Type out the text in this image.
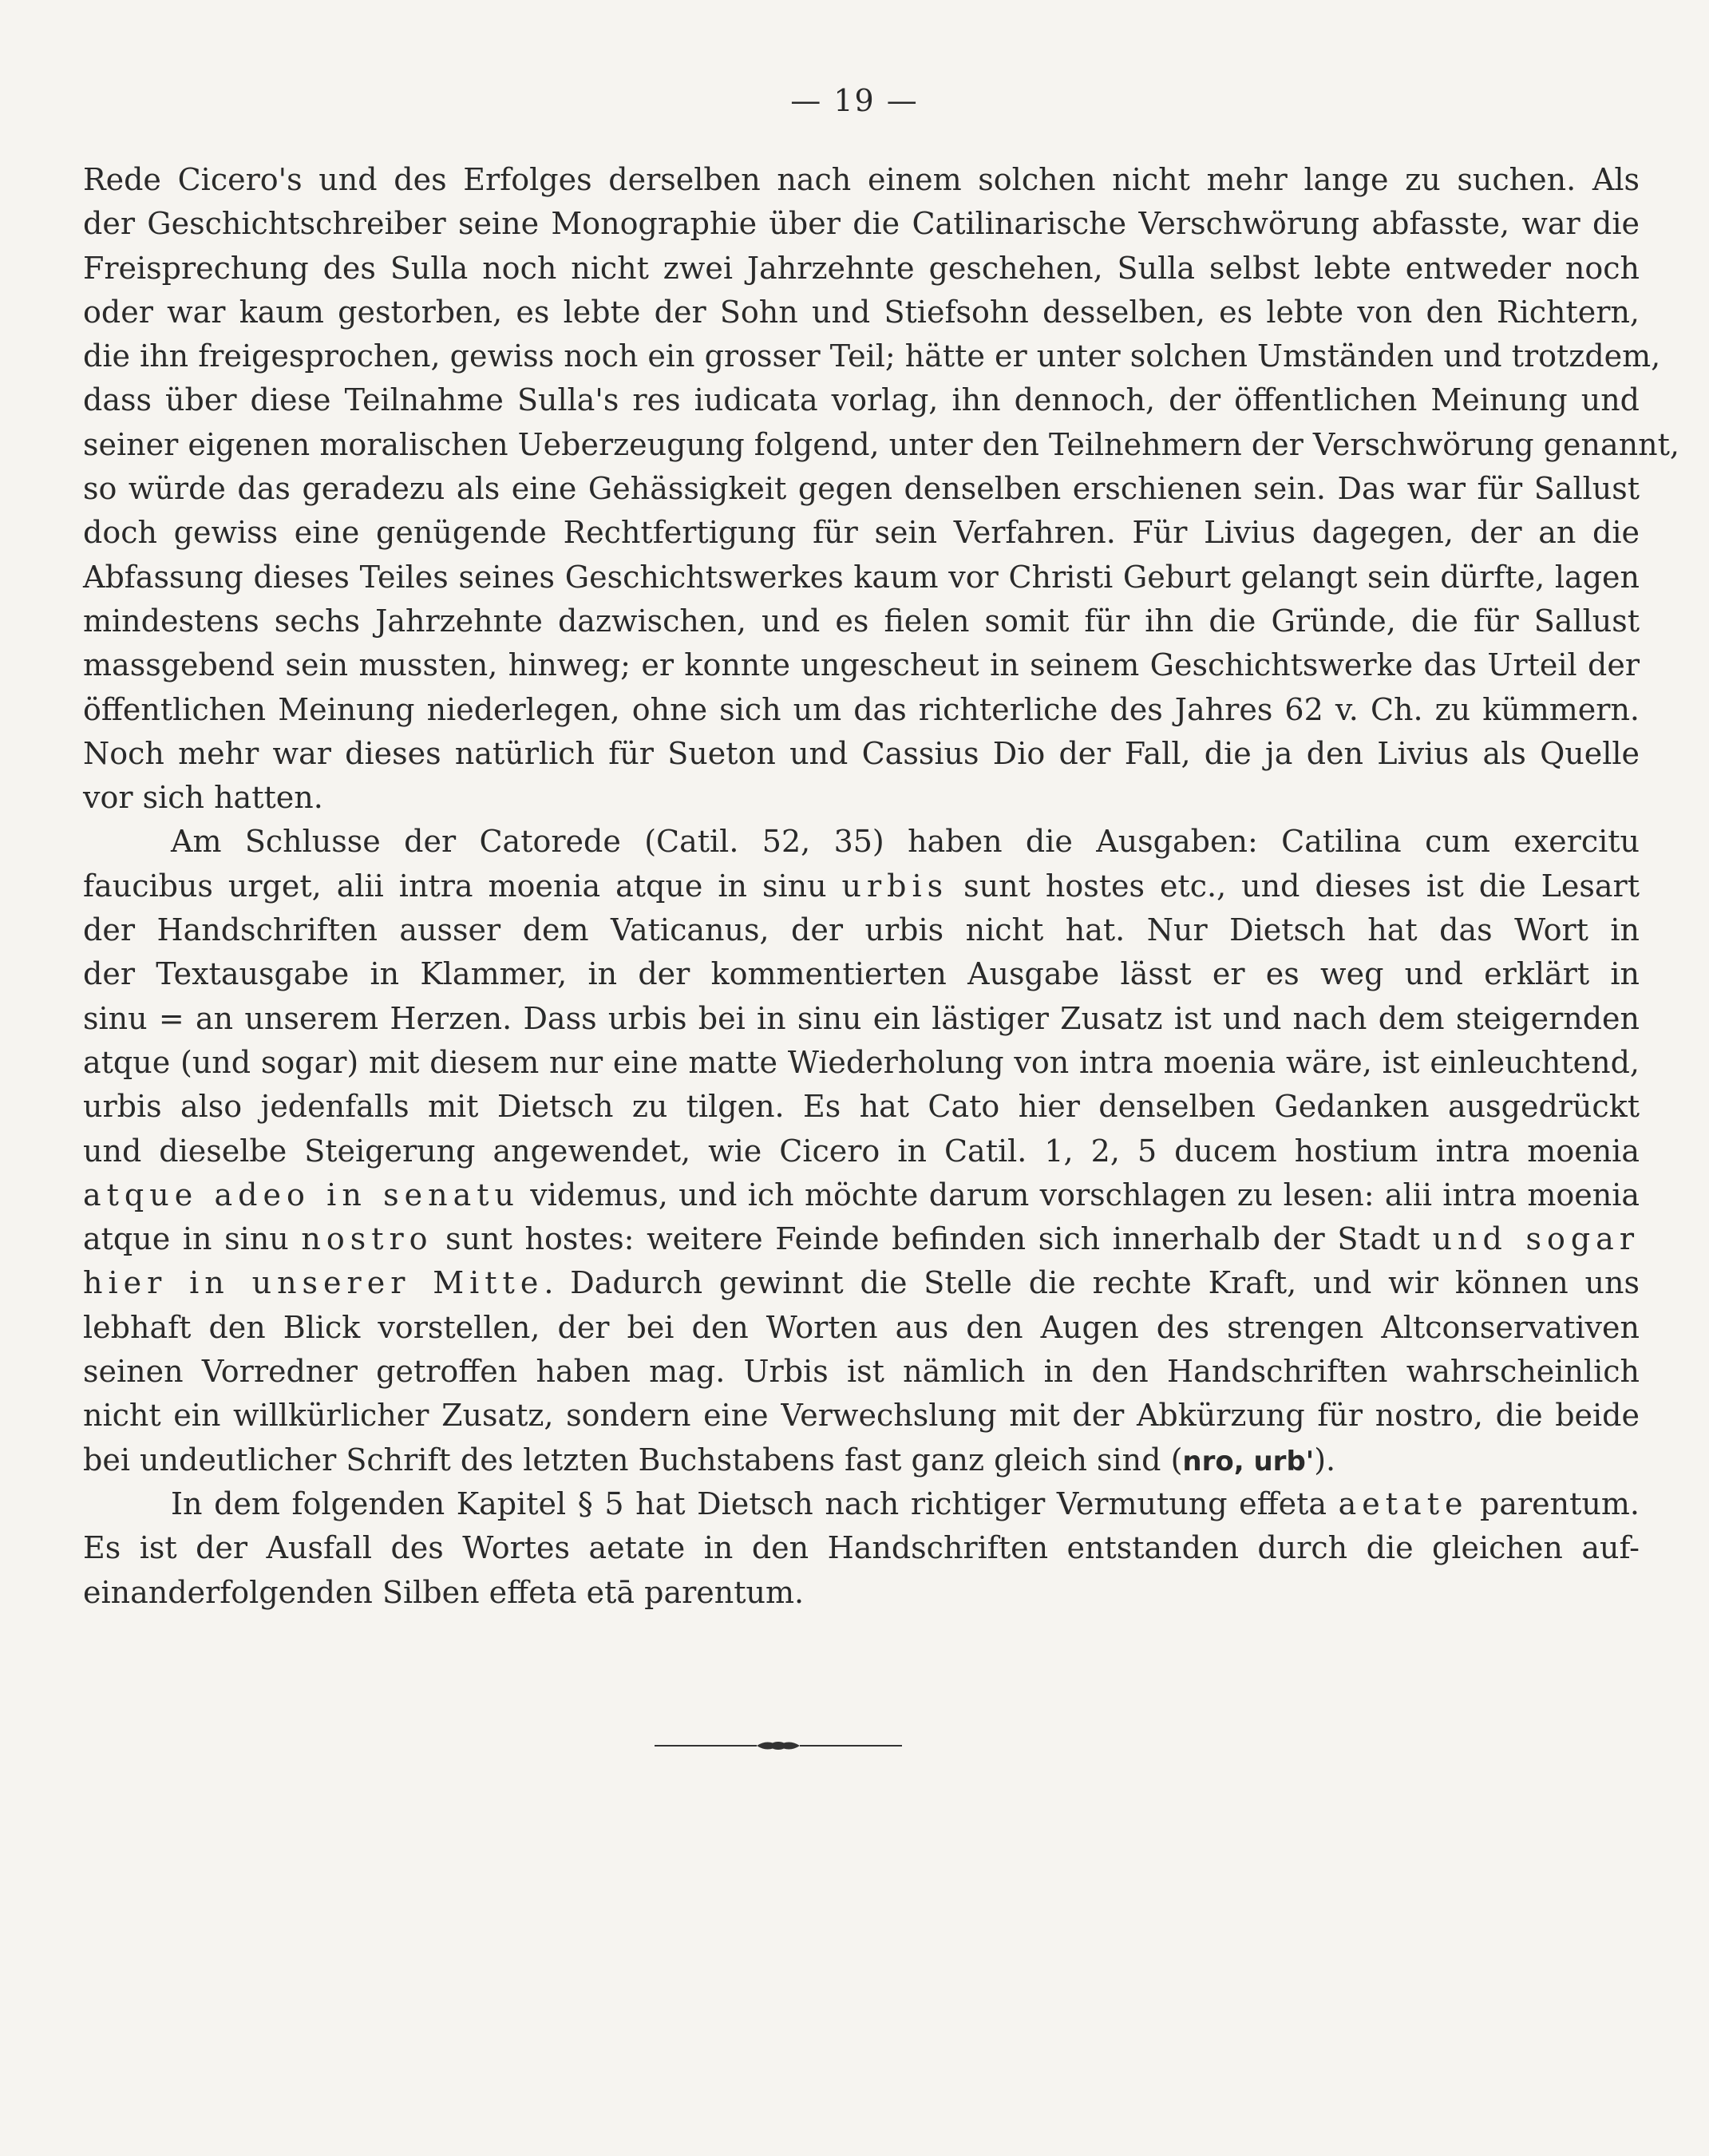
— 19 —
Rede Cicero's und des Erfolges derselben nach einem solchen nicht mehr lange zu suchen. Als
der Geschichtschreiber seine Monographie über die Catilinarische Verschwörung abfasste, war die
Freisprechung des Sulla noch nicht zwei Jahrzehnte geschehen, Sulla selbst lebte entweder noch
oder war kaum gestorben, es lebte der Sohn und Stiefsohn desselben, es lebte von den Richtern,
die ihn freigesprochen, gewiss noch ein grosser Teil; hätte er unter solchen Umständen und trotzdem,
dass über diese Teilnahme Sulla's res iudicata vorlag, ihn dennoch, der öffentlichen Meinung und
seiner eigenen moralischen Ueberzeugung folgend, unter den Teilnehmern der Verschwörung genannt,
so würde das geradezu als eine Gehässigkeit gegen denselben erschienen sein. Das war für Sallust
doch gewiss eine genügende Rechtfertigung für sein Verfahren. Für Livius dagegen, der an die
Abfassung dieses Teiles seines Geschichtswerkes kaum vor Christi Geburt gelangt sein dürfte, lagen
mindestens sechs Jahrzehnte dazwischen, und es fielen somit für ihn die Gründe, die für Sallust
massgebend sein mussten, hinweg; er konnte ungescheut in seinem Geschichtswerke das Urteil der
öffentlichen Meinung niederlegen, ohne sich um das richterliche des Jahres 62 v. Ch. zu kümmern.
Noch mehr war dieses natürlich für Sueton und Cassius Dio der Fall, die ja den Livius als Quelle
vor sich hatten.
Am Schlusse der Catorede (Catil. 52, 35) haben die Ausgaben: Catilina cum exercitu
faucibus urget, alii intra moenia atque in sinu urbis sunt hostes etc., und dieses ist die Lesart
der Handschriften ausser dem Vaticanus, der urbis nicht hat. Nur Dietsch hat das Wort in
der Textausgabe in Klammer, in der kommentierten Ausgabe lässt er es weg und erklärt in
sinu = an unserem Herzen. Dass urbis bei in sinu ein lästiger Zusatz ist und nach dem steigernden
atque (und sogar) mit diesem nur eine matte Wiederholung von intra moenia wäre, ist einleuchtend,
urbis also jedenfalls mit Dietsch zu tilgen. Es hat Cato hier denselben Gedanken ausgedrückt
und dieselbe Steigerung angewendet, wie Cicero in Catil. 1, 2, 5 ducem hostium intra moenia
atque adeo in senatu videmus, und ich möchte darum vorschlagen zu lesen: alii intra moenia
atque in sinu nostro sunt hostes: weitere Feinde befinden sich innerhalb der Stadt und sogar
hier in unserer Mitte. Dadurch gewinnt die Stelle die rechte Kraft, und wir können uns
lebhaft den Blick vorstellen, der bei den Worten aus den Augen des strengen Altconservativen
seinen Vorredner getroffen haben mag. Urbis ist nämlich in den Handschriften wahrscheinlich
nicht ein willkürlicher Zusatz, sondern eine Verwechslung mit der Abkürzung für nostro, die beide
bei undeutlicher Schrift des letzten Buchstabens fast ganz gleich sind (nro, urb').
In dem folgenden Kapitel § 5 hat Dietsch nach richtiger Vermutung effeta aetate parentum.
Es ist der Ausfall des Wortes aetate in den Handschriften entstanden durch die gleichen auf-
einanderfolgenden Silben effeta etā parentum.
